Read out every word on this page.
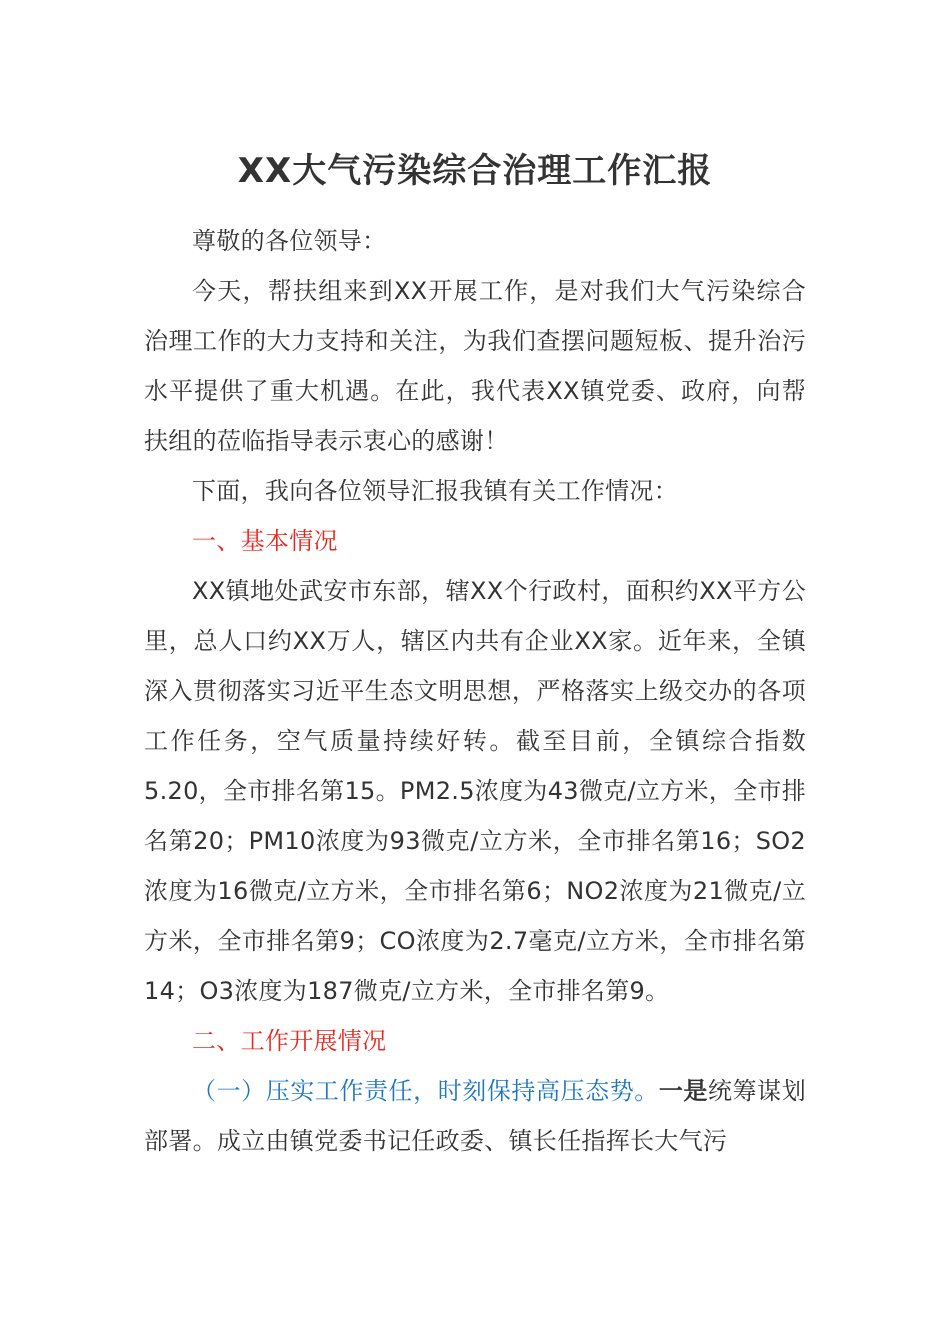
XX大气污染综合治理工作汇报

尊敬的各位领导：

今天，帮扶组来到XX开展工作，是对我们大气污染综合治理工作的大力支持和关注，为我们查摆问题短板、提升治污水平提供了重大机遇。在此，我代表XX镇党委、政府，向帮扶组的莅临指导表示衷心的感谢！

下面，我向各位领导汇报我镇有关工作情况：

一、基本情况

XX镇地处武安市东部，辖XX个行政村，面积约XX平方公里，总人口约XX万人，辖区内共有企业XX家。近年来，全镇深入贯彻落实习近平生态文明思想，严格落实上级交办的各项工作任务，空气质量持续好转。截至目前，全镇综合指数5.20，全市排名第15。PM2.5浓度为43微克/立方米，全市排名第20；PM10浓度为93微克/立方米，全市排名第16；SO2浓度为16微克/立方米，全市排名第6；NO2浓度为21微克/立方米，全市排名第9；CO浓度为2.7毫克/立方米，全市排名第14；O3浓度为187微克/立方米，全市排名第9。

二、工作开展情况

（一）压实工作责任，时刻保持高压态势。一是统筹谋划部署。成立由镇党委书记任政委、镇长任指挥长大气污
